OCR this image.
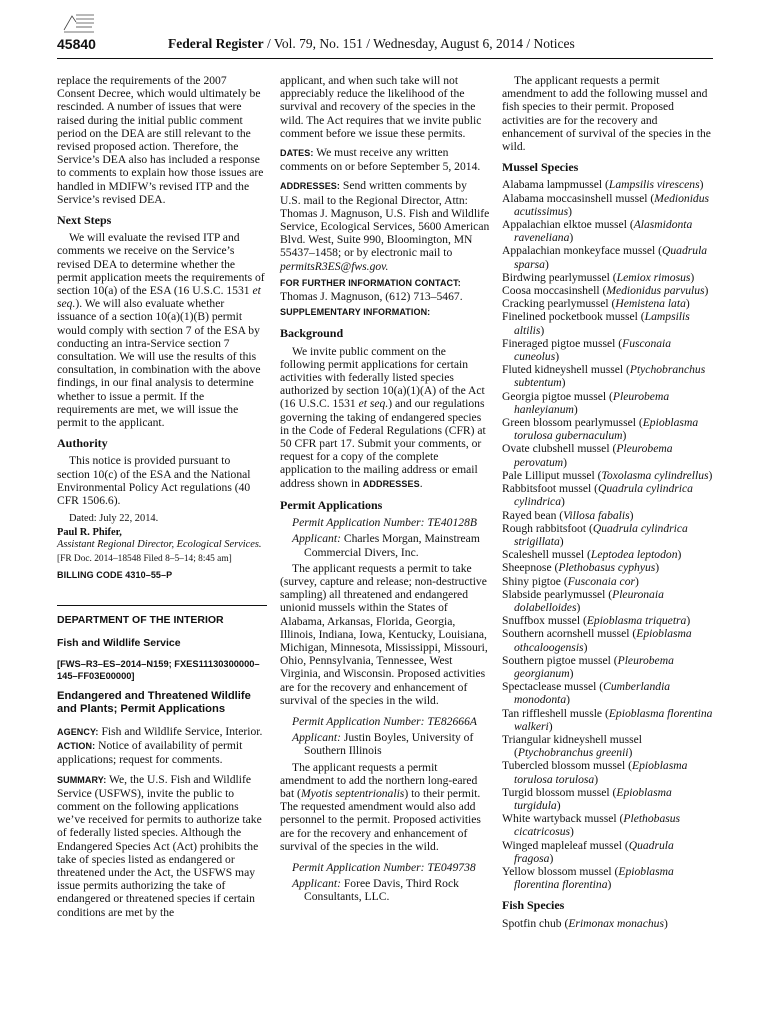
45840	Federal Register / Vol. 79, No. 151 / Wednesday, August 6, 2014 / Notices

replace the requirements of the 2007 Consent Decree, which would ultimately be rescinded. A number of issues that were raised during the initial public comment period on the DEA are still relevant to the revised proposed action. Therefore, the Service’s DEA also has included a response to comments to explain how those issues are handled in MDIFW’s revised ITP and the Service’s revised DEA.

Next Steps

We will evaluate the revised ITP and comments we receive on the Service’s revised DEA to determine whether the permit application meets the requirements of section 10(a) of the ESA (16 U.S.C. 1531 et seq.). We will also evaluate whether issuance of a section 10(a)(1)(B) permit would comply with section 7 of the ESA by conducting an intra-Service section 7 consultation. We will use the results of this consultation, in combination with the above findings, in our final analysis to determine whether to issue a permit. If the requirements are met, we will issue the permit to the applicant.

Authority

This notice is provided pursuant to section 10(c) of the ESA and the National Environmental Policy Act regulations (40 CFR 1506.6).

Dated: July 22, 2014.

Paul R. Phifer,

Assistant Regional Director, Ecological Services.

[FR Doc. 2014–18548 Filed 8–5–14; 8:45 am]

BILLING CODE 4310–55–P

DEPARTMENT OF THE INTERIOR
Fish and Wildlife Service
[FWS–R3–ES–2014–N159; FXES11130300000–145–FF03E00000]
Endangered and Threatened Wildlife and Plants; Permit Applications

AGENCY: Fish and Wildlife Service, Interior.

ACTION: Notice of availability of permit applications; request for comments.

SUMMARY: We, the U.S. Fish and Wildlife Service (USFWS), invite the public to comment on the following applications we’ve received for permits to authorize take of federally listed species. Although the Endangered Species Act (Act) prohibits the take of species listed as endangered or threatened under the Act, the USFWS may issue permits authorizing the take of endangered or threatened species if certain conditions are met by the

applicant, and when such take will not appreciably reduce the likelihood of the survival and recovery of the species in the wild. The Act requires that we invite public comment before we issue these permits.

DATES: We must receive any written comments on or before September 5, 2014.

ADDRESSES: Send written comments by U.S. mail to the Regional Director, Attn: Thomas J. Magnuson, U.S. Fish and Wildlife Service, Ecological Services, 5600 American Blvd. West, Suite 990, Bloomington, MN 55437–1458; or by electronic mail to permitsR3ES@fws.gov.

FOR FURTHER INFORMATION CONTACT:

Thomas J. Magnuson, (612) 713–5467.

SUPPLEMENTARY INFORMATION:

Background

We invite public comment on the following permit applications for certain activities with federally listed species authorized by section 10(a)(1)(A) of the Act (16 U.S.C. 1531 et seq.) and our regulations governing the taking of endangered species in the Code of Federal Regulations (CFR) at 50 CFR part 17. Submit your comments, or request for a copy of the complete application to the mailing address or email address shown in ADDRESSES.

Permit Applications

Permit Application Number: TE40128B

Applicant: Charles Morgan, Mainstream Commercial Divers, Inc.

The applicant requests a permit to take (survey, capture and release; non-destructive sampling) all threatened and endangered unionid mussels within the States of Alabama, Arkansas, Florida, Georgia, Illinois, Indiana, Iowa, Kentucky, Louisiana, Michigan, Minnesota, Mississippi, Missouri, Ohio, Pennsylvania, Tennessee, West Virginia, and Wisconsin. Proposed activities are for the recovery and enhancement of survival of the species in the wild.

Permit Application Number: TE82666A

Applicant: Justin Boyles, University of Southern Illinois

The applicant requests a permit amendment to add the northern long-eared bat (Myotis septentrionalis) to their permit. The requested amendment would also add personnel to the permit. Proposed activities are for the recovery and enhancement of survival of the species in the wild.

Permit Application Number: TE049738

Applicant: Foree Davis, Third Rock Consultants, LLC.

The applicant requests a permit amendment to add the following mussel and fish species to their permit. Proposed activities are for the recovery and enhancement of survival of the species in the wild.

Mussel Species
Alabama lampmussel (Lampsilis virescens)
Alabama moccasinshell mussel (Medionidus acutissimus)
Appalachian elktoe mussel (Alasmidonta raveneliana)
Appalachian monkeyface mussel (Quadrula sparsa)
Birdwing pearlymussel (Lemiox rimosus)
Coosa moccasinshell (Medionidus parvulus)
Cracking pearlymussel (Hemistena lata)
Finelined pocketbook mussel (Lampsilis altilis)
Fineraged pigtoe mussel (Fusconaia cuneolus)
Fluted kidneyshell mussel (Ptychobranchus subtentum)
Georgia pigtoe mussel (Pleurobema hanleyianum)
Green blossom pearlymussel (Epioblasma torulosa gubernaculum)
Ovate clubshell mussel (Pleurobema perovatum)
Pale Lilliput mussel (Toxolasma cylindrellus)
Rabbitsfoot mussel (Quadrula cylindrica cylindrica)
Rayed bean (Villosa fabalis)
Rough rabbitsfoot (Quadrula cylindrica strigillata)
Scaleshell mussel (Leptodea leptodon)
Sheepnose (Plethobasus cyphyus)
Shiny pigtoe (Fusconaia cor)
Slabside pearlymussel (Pleuronaia dolabelloides)
Snuffbox mussel (Epioblasma triquetra)
Southern acornshell mussel (Epioblasma othcaloogensis)
Southern pigtoe mussel (Pleurobema georgianum)
Spectaclease mussel (Cumberlandia monodonta)
Tan riffleshell mussle (Epioblasma florentina walkeri)
Triangular kidneyshell mussel (Ptychobranchus greenii)
Tubercled blossom mussel (Epioblasma torulosa torulosa)
Turgid blossom mussel (Epioblasma turgidula)
White wartyback mussel (Plethobasus cicatricosus)
Winged mapleleaf mussel (Quadrula fragosa)
Yellow blossom mussel (Epioblasma florentina florentina)
Fish Species
Spotfin chub (Erimonax monachus)
